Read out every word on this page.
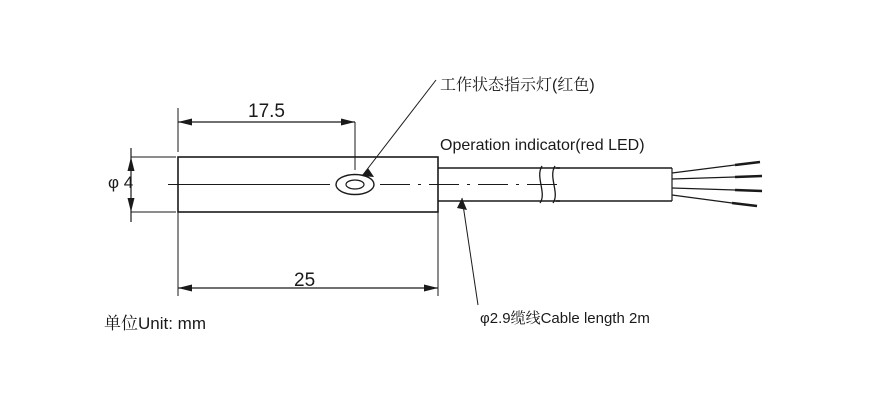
工作状态指示灯(红色)

Operation indicator(red LED)

17.5
25
φ 4
单位Unit: mm	φ2.9缆线Cable length 2m
